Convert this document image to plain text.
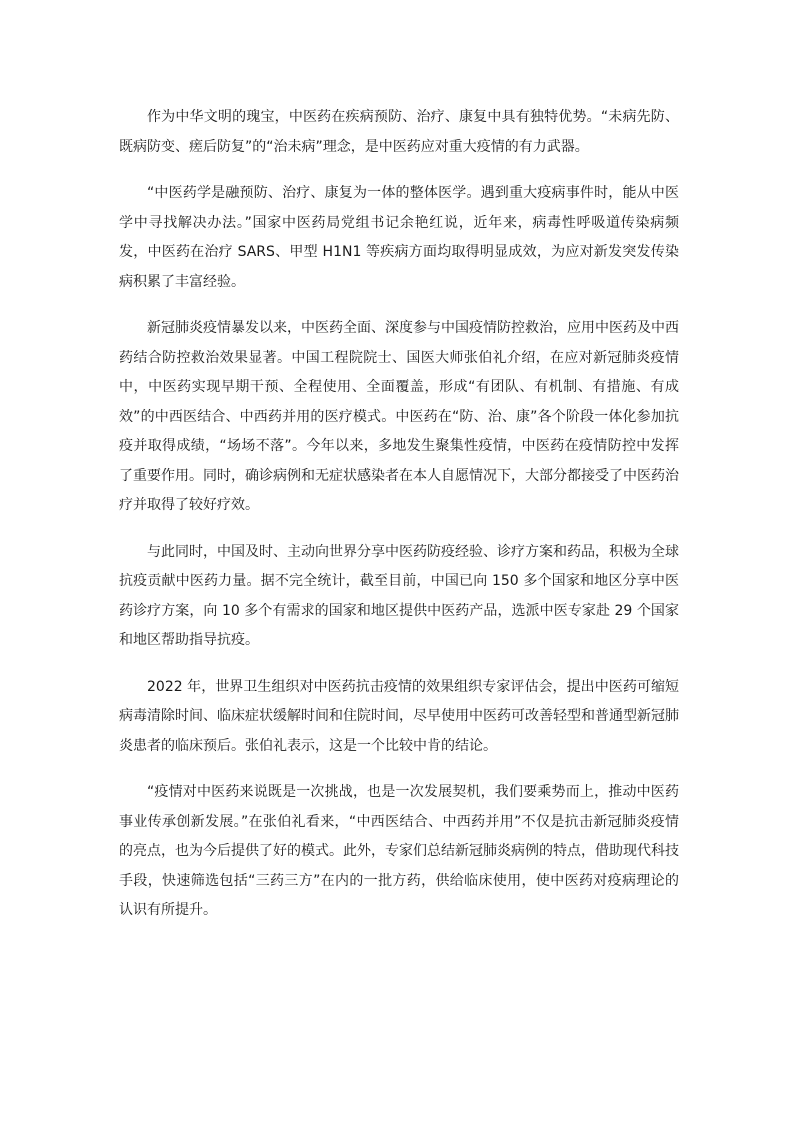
作为中华文明的瑰宝，中医药在疾病预防、治疗、康复中具有独特优势。“未病先防、既病防变、瘥后防复”的“治未病”理念，是中医药应对重大疫情的有力武器。

“中医药学是融预防、治疗、康复为一体的整体医学。遇到重大疫病事件时，能从中医学中寻找解决办法。”国家中医药局党组书记余艳红说，近年来，病毒性呼吸道传染病频发，中医药在治疗 SARS、甲型 H1N1 等疾病方面均取得明显成效，为应对新发突发传染病积累了丰富经验。

新冠肺炎疫情暴发以来，中医药全面、深度参与中国疫情防控救治，应用中医药及中西药结合防控救治效果显著。中国工程院院士、国医大师张伯礼介绍，在应对新冠肺炎疫情中，中医药实现早期干预、全程使用、全面覆盖，形成“有团队、有机制、有措施、有成效”的中西医结合、中西药并用的医疗模式。中医药在“防、治、康”各个阶段一体化参加抗疫并取得成绩，“场场不落”。今年以来，多地发生聚集性疫情，中医药在疫情防控中发挥了重要作用。同时，确诊病例和无症状感染者在本人自愿情况下，大部分都接受了中医药治疗并取得了较好疗效。

与此同时，中国及时、主动向世界分享中医药防疫经验、诊疗方案和药品，积极为全球抗疫贡献中医药力量。据不完全统计，截至目前，中国已向 150 多个国家和地区分享中医药诊疗方案，向 10 多个有需求的国家和地区提供中医药产品，选派中医专家赴 29 个国家和地区帮助指导抗疫。

2022 年，世界卫生组织对中医药抗击疫情的效果组织专家评估会，提出中医药可缩短病毒清除时间、临床症状缓解时间和住院时间，尽早使用中医药可改善轻型和普通型新冠肺炎患者的临床预后。张伯礼表示，这是一个比较中肯的结论。

“疫情对中医药来说既是一次挑战，也是一次发展契机，我们要乘势而上，推动中医药事业传承创新发展。”在张伯礼看来，“中西医结合、中西药并用”不仅是抗击新冠肺炎疫情的亮点，也为今后提供了好的模式。此外，专家们总结新冠肺炎病例的特点，借助现代科技手段，快速筛选包括“三药三方”在内的一批方药，供给临床使用，使中医药对疫病理论的认识有所提升。
